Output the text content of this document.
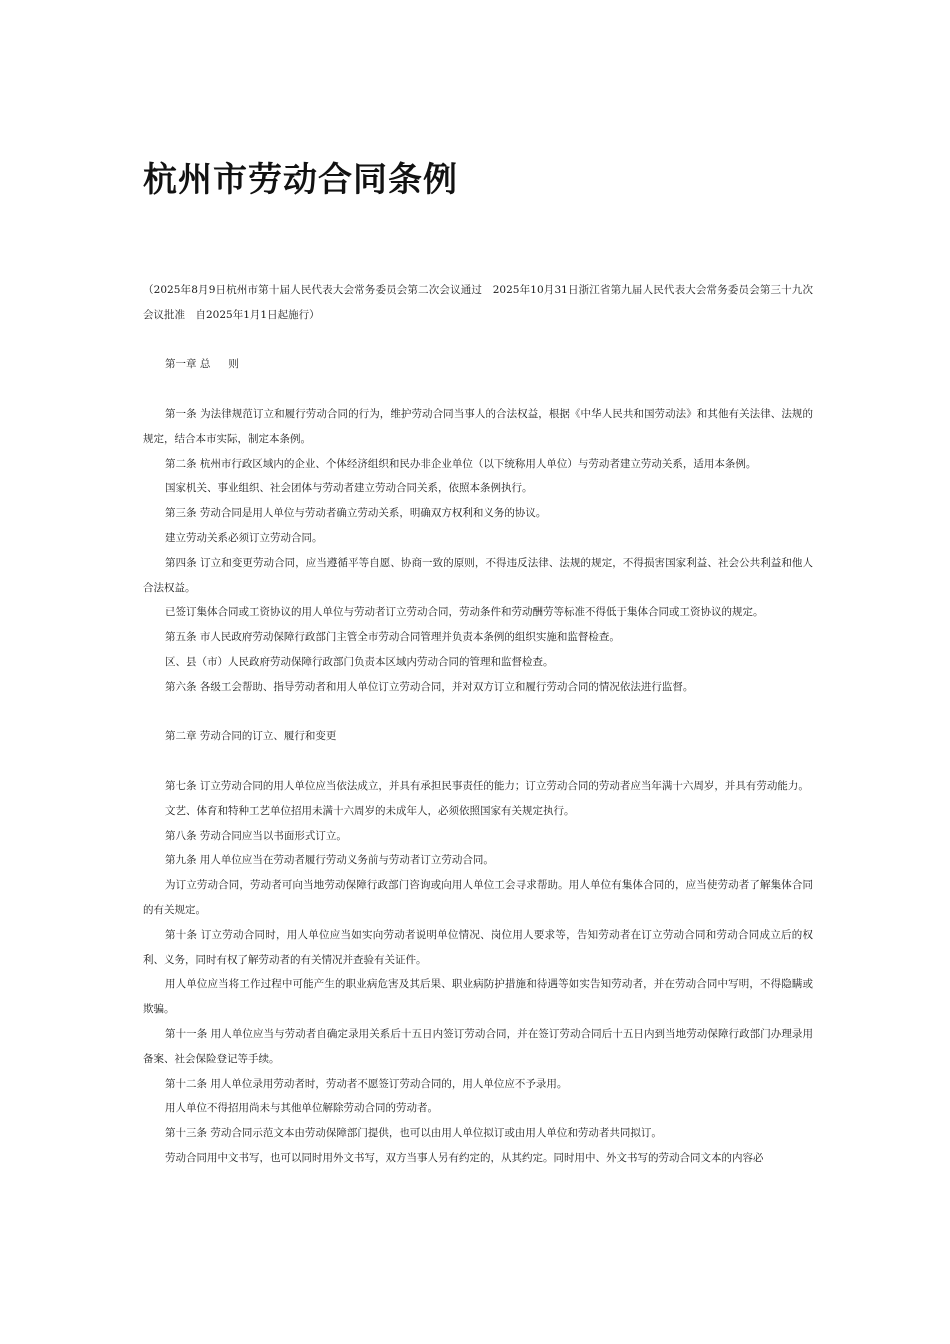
杭州市劳动合同条例

（2025年8月9日杭州市第十届人民代表大会常务委员会第二次会议通过　2025年10月31日浙江省第九届人民代表大会常务委员会第三十九次会议批准　自2025年1月1日起施行）

第一章 总 则

第一条 为法律规范订立和履行劳动合同的行为，维护劳动合同当事人的合法权益，根据《中华人民共和国劳动法》和其他有关法律、法规的规定，结合本市实际，制定本条例。

第二条 杭州市行政区域内的企业、个体经济组织和民办非企业单位（以下统称用人单位）与劳动者建立劳动关系，适用本条例。

国家机关、事业组织、社会团体与劳动者建立劳动合同关系，依照本条例执行。

第三条 劳动合同是用人单位与劳动者确立劳动关系，明确双方权利和义务的协议。

建立劳动关系必须订立劳动合同。

第四条 订立和变更劳动合同，应当遵循平等自愿、协商一致的原则，不得违反法律、法规的规定，不得损害国家利益、社会公共利益和他人合法权益。

已签订集体合同或工资协议的用人单位与劳动者订立劳动合同，劳动条件和劳动酬劳等标准不得低于集体合同或工资协议的规定。

第五条 市人民政府劳动保障行政部门主管全市劳动合同管理并负责本条例的组织实施和监督检查。

区、县（市）人民政府劳动保障行政部门负责本区域内劳动合同的管理和监督检查。

第六条 各级工会帮助、指导劳动者和用人单位订立劳动合同，并对双方订立和履行劳动合同的情况依法进行监督。

第二章 劳动合同的订立、履行和变更

第七条 订立劳动合同的用人单位应当依法成立，并具有承担民事责任的能力；订立劳动合同的劳动者应当年满十六周岁，并具有劳动能力。

文艺、体育和特种工艺单位招用未满十六周岁的未成年人，必须依照国家有关规定执行。

第八条 劳动合同应当以书面形式订立。

第九条 用人单位应当在劳动者履行劳动义务前与劳动者订立劳动合同。

为订立劳动合同，劳动者可向当地劳动保障行政部门咨询或向用人单位工会寻求帮助。用人单位有集体合同的，应当使劳动者了解集体合同的有关规定。

第十条 订立劳动合同时，用人单位应当如实向劳动者说明单位情况、岗位用人要求等，告知劳动者在订立劳动合同和劳动合同成立后的权利、义务，同时有权了解劳动者的有关情况并查验有关证件。

用人单位应当将工作过程中可能产生的职业病危害及其后果、职业病防护措施和待遇等如实告知劳动者，并在劳动合同中写明，不得隐瞒或欺骗。

第十一条 用人单位应当与劳动者自确定录用关系后十五日内签订劳动合同，并在签订劳动合同后十五日内到当地劳动保障行政部门办理录用备案、社会保险登记等手续。

第十二条 用人单位录用劳动者时，劳动者不愿签订劳动合同的，用人单位应不予录用。

用人单位不得招用尚未与其他单位解除劳动合同的劳动者。

第十三条 劳动合同示范文本由劳动保障部门提供，也可以由用人单位拟订或由用人单位和劳动者共同拟订。

劳动合同用中文书写，也可以同时用外文书写，双方当事人另有约定的，从其约定。同时用中、外文书写的劳动合同文本的内容必
